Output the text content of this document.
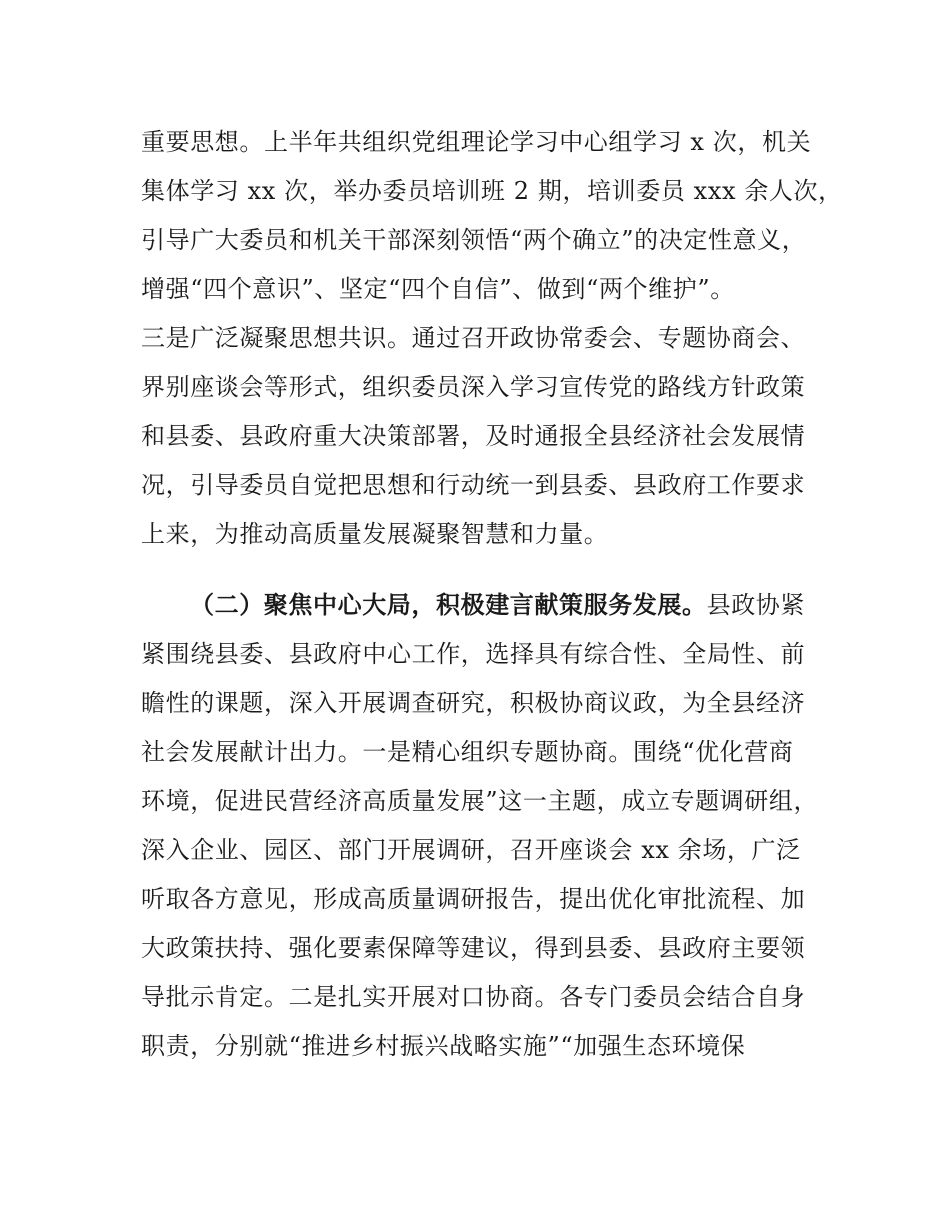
重要思想。上半年共组织党组理论学习中心组学习 x 次，机关
集体学习 xx 次，举办委员培训班 2 期，培训委员 xxx 余人次，
引导广大委员和机关干部深刻领悟“两个确立”的决定性意义，
增强“四个意识”、坚定“四个自信”、做到“两个维护”。
三是广泛凝聚思想共识。通过召开政协常委会、专题协商会、
界别座谈会等形式，组织委员深入学习宣传党的路线方针政策
和县委、县政府重大决策部署，及时通报全县经济社会发展情
况，引导委员自觉把思想和行动统一到县委、县政府工作要求
上来，为推动高质量发展凝聚智慧和力量。
（二）聚焦中心大局，积极建言献策服务发展。县政协紧
紧围绕县委、县政府中心工作，选择具有综合性、全局性、前
瞻性的课题，深入开展调查研究，积极协商议政，为全县经济
社会发展献计出力。一是精心组织专题协商。围绕“优化营商
环境，促进民营经济高质量发展”这一主题，成立专题调研组，
深入企业、园区、部门开展调研，召开座谈会 xx 余场，广泛
听取各方意见，形成高质量调研报告，提出优化审批流程、加
大政策扶持、强化要素保障等建议，得到县委、县政府主要领
导批示肯定。二是扎实开展对口协商。各专门委员会结合自身
职责，分别就“推进乡村振兴战略实施”“加强生态环境保
